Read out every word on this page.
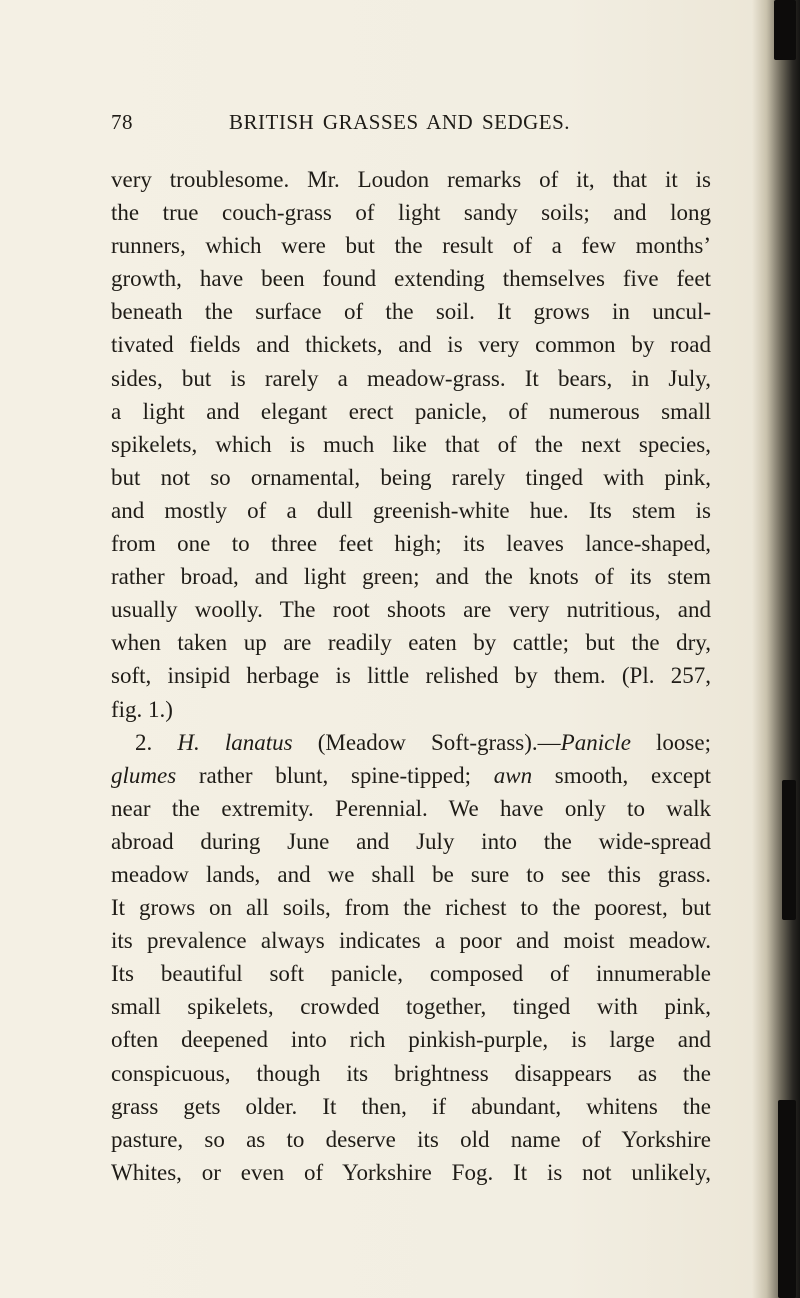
78	BRITISH GRASSES AND SEDGES.
very troublesome. Mr. Loudon remarks of it, that it is
the true couch-grass of light sandy soils; and long
runners, which were but the result of a few months’
growth, have been found extending themselves five feet
beneath the surface of the soil. It grows in uncul-
tivated fields and thickets, and is very common by road
sides, but is rarely a meadow-grass. It bears, in July,
a light and elegant erect panicle, of numerous small
spikelets, which is much like that of the next species,
but not so ornamental, being rarely tinged with pink,
and mostly of a dull greenish-white hue. Its stem is
from one to three feet high; its leaves lance-shaped,
rather broad, and light green; and the knots of its stem
usually woolly. The root shoots are very nutritious, and
when taken up are readily eaten by cattle; but the dry,
soft, insipid herbage is little relished by them. (Pl. 257,
fig. 1.)
2. H. lanatus (Meadow Soft-grass).—Panicle loose;
glumes rather blunt, spine-tipped; awn smooth, except
near the extremity. Perennial. We have only to walk
abroad during June and July into the wide-spread
meadow lands, and we shall be sure to see this grass.
It grows on all soils, from the richest to the poorest, but
its prevalence always indicates a poor and moist meadow.
Its beautiful soft panicle, composed of innumerable
small spikelets, crowded together, tinged with pink,
often deepened into rich pinkish-purple, is large and
conspicuous, though its brightness disappears as the
grass gets older. It then, if abundant, whitens the
pasture, so as to deserve its old name of Yorkshire
Whites, or even of Yorkshire Fog. It is not unlikely,
